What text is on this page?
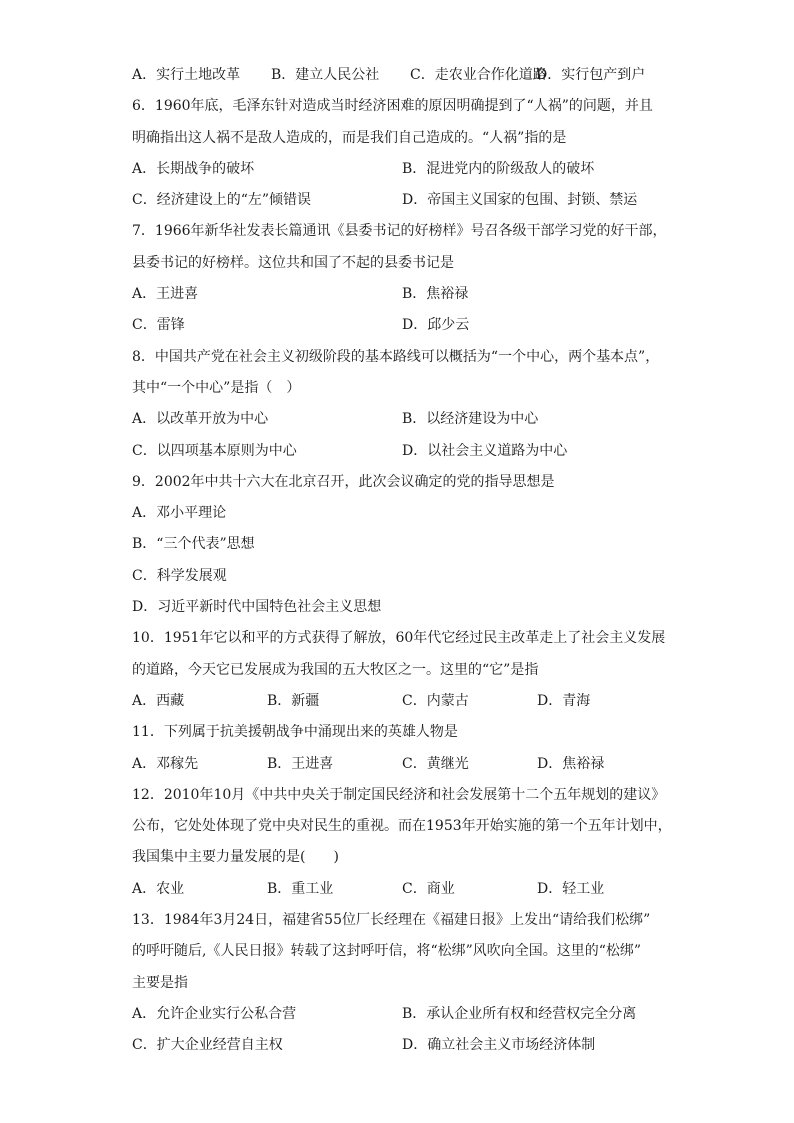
A．实行土地改革	B．建立人民公社	C．走农业合作化道路
D．实行包产到户
6．1960年底，毛泽东针对造成当时经济困难的原因明确提到了“人祸”的问题，并且
明确指出这人祸不是敌人造成的，而是我们自己造成的。“人祸”指的是
A．长期战争的破坏	B．混进党内的阶级敌人的破坏
C．经济建设上的“左”倾错误	D．帝国主义国家的包围、封锁、禁运
7．1966年新华社发表长篇通讯《县委书记的好榜样》号召各级干部学习党的好干部，
县委书记的好榜样。这位共和国了不起的县委书记是
A．王进喜	B．焦裕禄
C．雷锋	D．邱少云
8．中国共产党在社会主义初级阶段的基本路线可以概括为“一个中心，两个基本点”，
其中“一个中心”是指（　）
A．以改革开放为中心	B．以经济建设为中心
C．以四项基本原则为中心	D．以社会主义道路为中心
9．2002年中共十六大在北京召开，此次会议确定的党的指导思想是
A．邓小平理论
B．“三个代表”思想
C．科学发展观
D．习近平新时代中国特色社会主义思想
10．1951年它以和平的方式获得了解放，60年代它经过民主改革走上了社会主义发展
的道路，今天它已发展成为我国的五大牧区之一。这里的“它”是指
A．西藏	B．新疆	C．内蒙古	D．青海
11．下列属于抗美援朝战争中涌现出来的英雄人物是
A．邓稼先	B．王进喜	C．黄继光	D．焦裕禄
12．2010年10月《中共中央关于制定国民经济和社会发展第十二个五年规划的建议》
公布，它处处体现了党中央对民生的重视。而在1953年开始实施的第一个五年计划中，
我国集中主要力量发展的是(　　)
A．农业	B．重工业	C．商业	D．轻工业
13．1984年3月24日，福建省55位厂长经理在《福建日报》上发出“请给我们松绑”
的呼吁随后,《人民日报》转载了这封呼吁信，将“松绑”风吹向全国。这里的“松绑”
主要是指
A．允许企业实行公私合营	B．承认企业所有权和经营权完全分离
C．扩大企业经营自主权	D．确立社会主义市场经济体制
